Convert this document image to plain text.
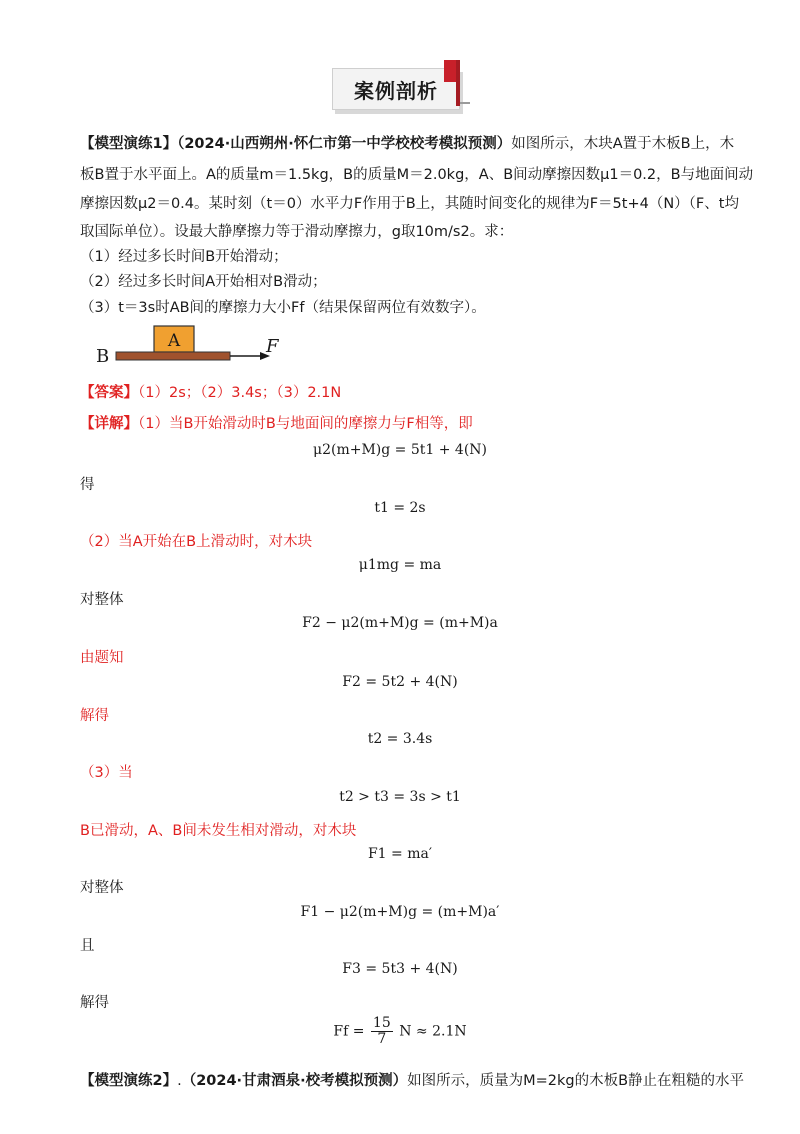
案例剖析
【模型演练1】（2024·山西朔州·怀仁市第一中学校校考模拟预测）如图所示，木块A置于木板B上，木
板B置于水平面上。A的质量m＝1.5kg，B的质量M＝2.0kg，A、B间动摩擦因数μ1＝0.2，B与地面间动
摩擦因数μ2＝0.4。某时刻（t＝0）水平力F作用于B上，其随时间变化的规律为F＝5t+4（N）（F、t均
取国际单位）。设最大静摩擦力等于滑动摩擦力，g取10m/s2。求：
（1）经过多长时间B开始滑动；
（2）经过多长时间A开始相对B滑动；
（3）t＝3s时AB间的摩擦力大小Ff（结果保留两位有效数字）。
A
B	F
【答案】（1）2s；（2）3.4s；（3）2.1N
【详解】（1）当B开始滑动时B与地面间的摩擦力与F相等，即
μ2(m+M)g = 5t1 + 4(N)
得
t1 = 2s
（2）当A开始在B上滑动时，对木块
μ1mg = ma
对整体
F2 − μ2(m+M)g = (m+M)a
由题知
F2 = 5t2 + 4(N)
解得
t2 = 3.4s
（3）当
t2 > t3 = 3s > t1
B已滑动，A、B间未发生相对滑动，对木块
F1 = ma′
对整体
F1 − μ2(m+M)g = (m+M)a′
且
F3 = 5t3 + 4(N)
解得
$Ff = \frac{15}{7}$ N ≈ 2.1N
【模型演练2】.（2024·甘肃酒泉·校考模拟预测）如图所示，质量为M=2kg的木板B静止在粗糙的水平
